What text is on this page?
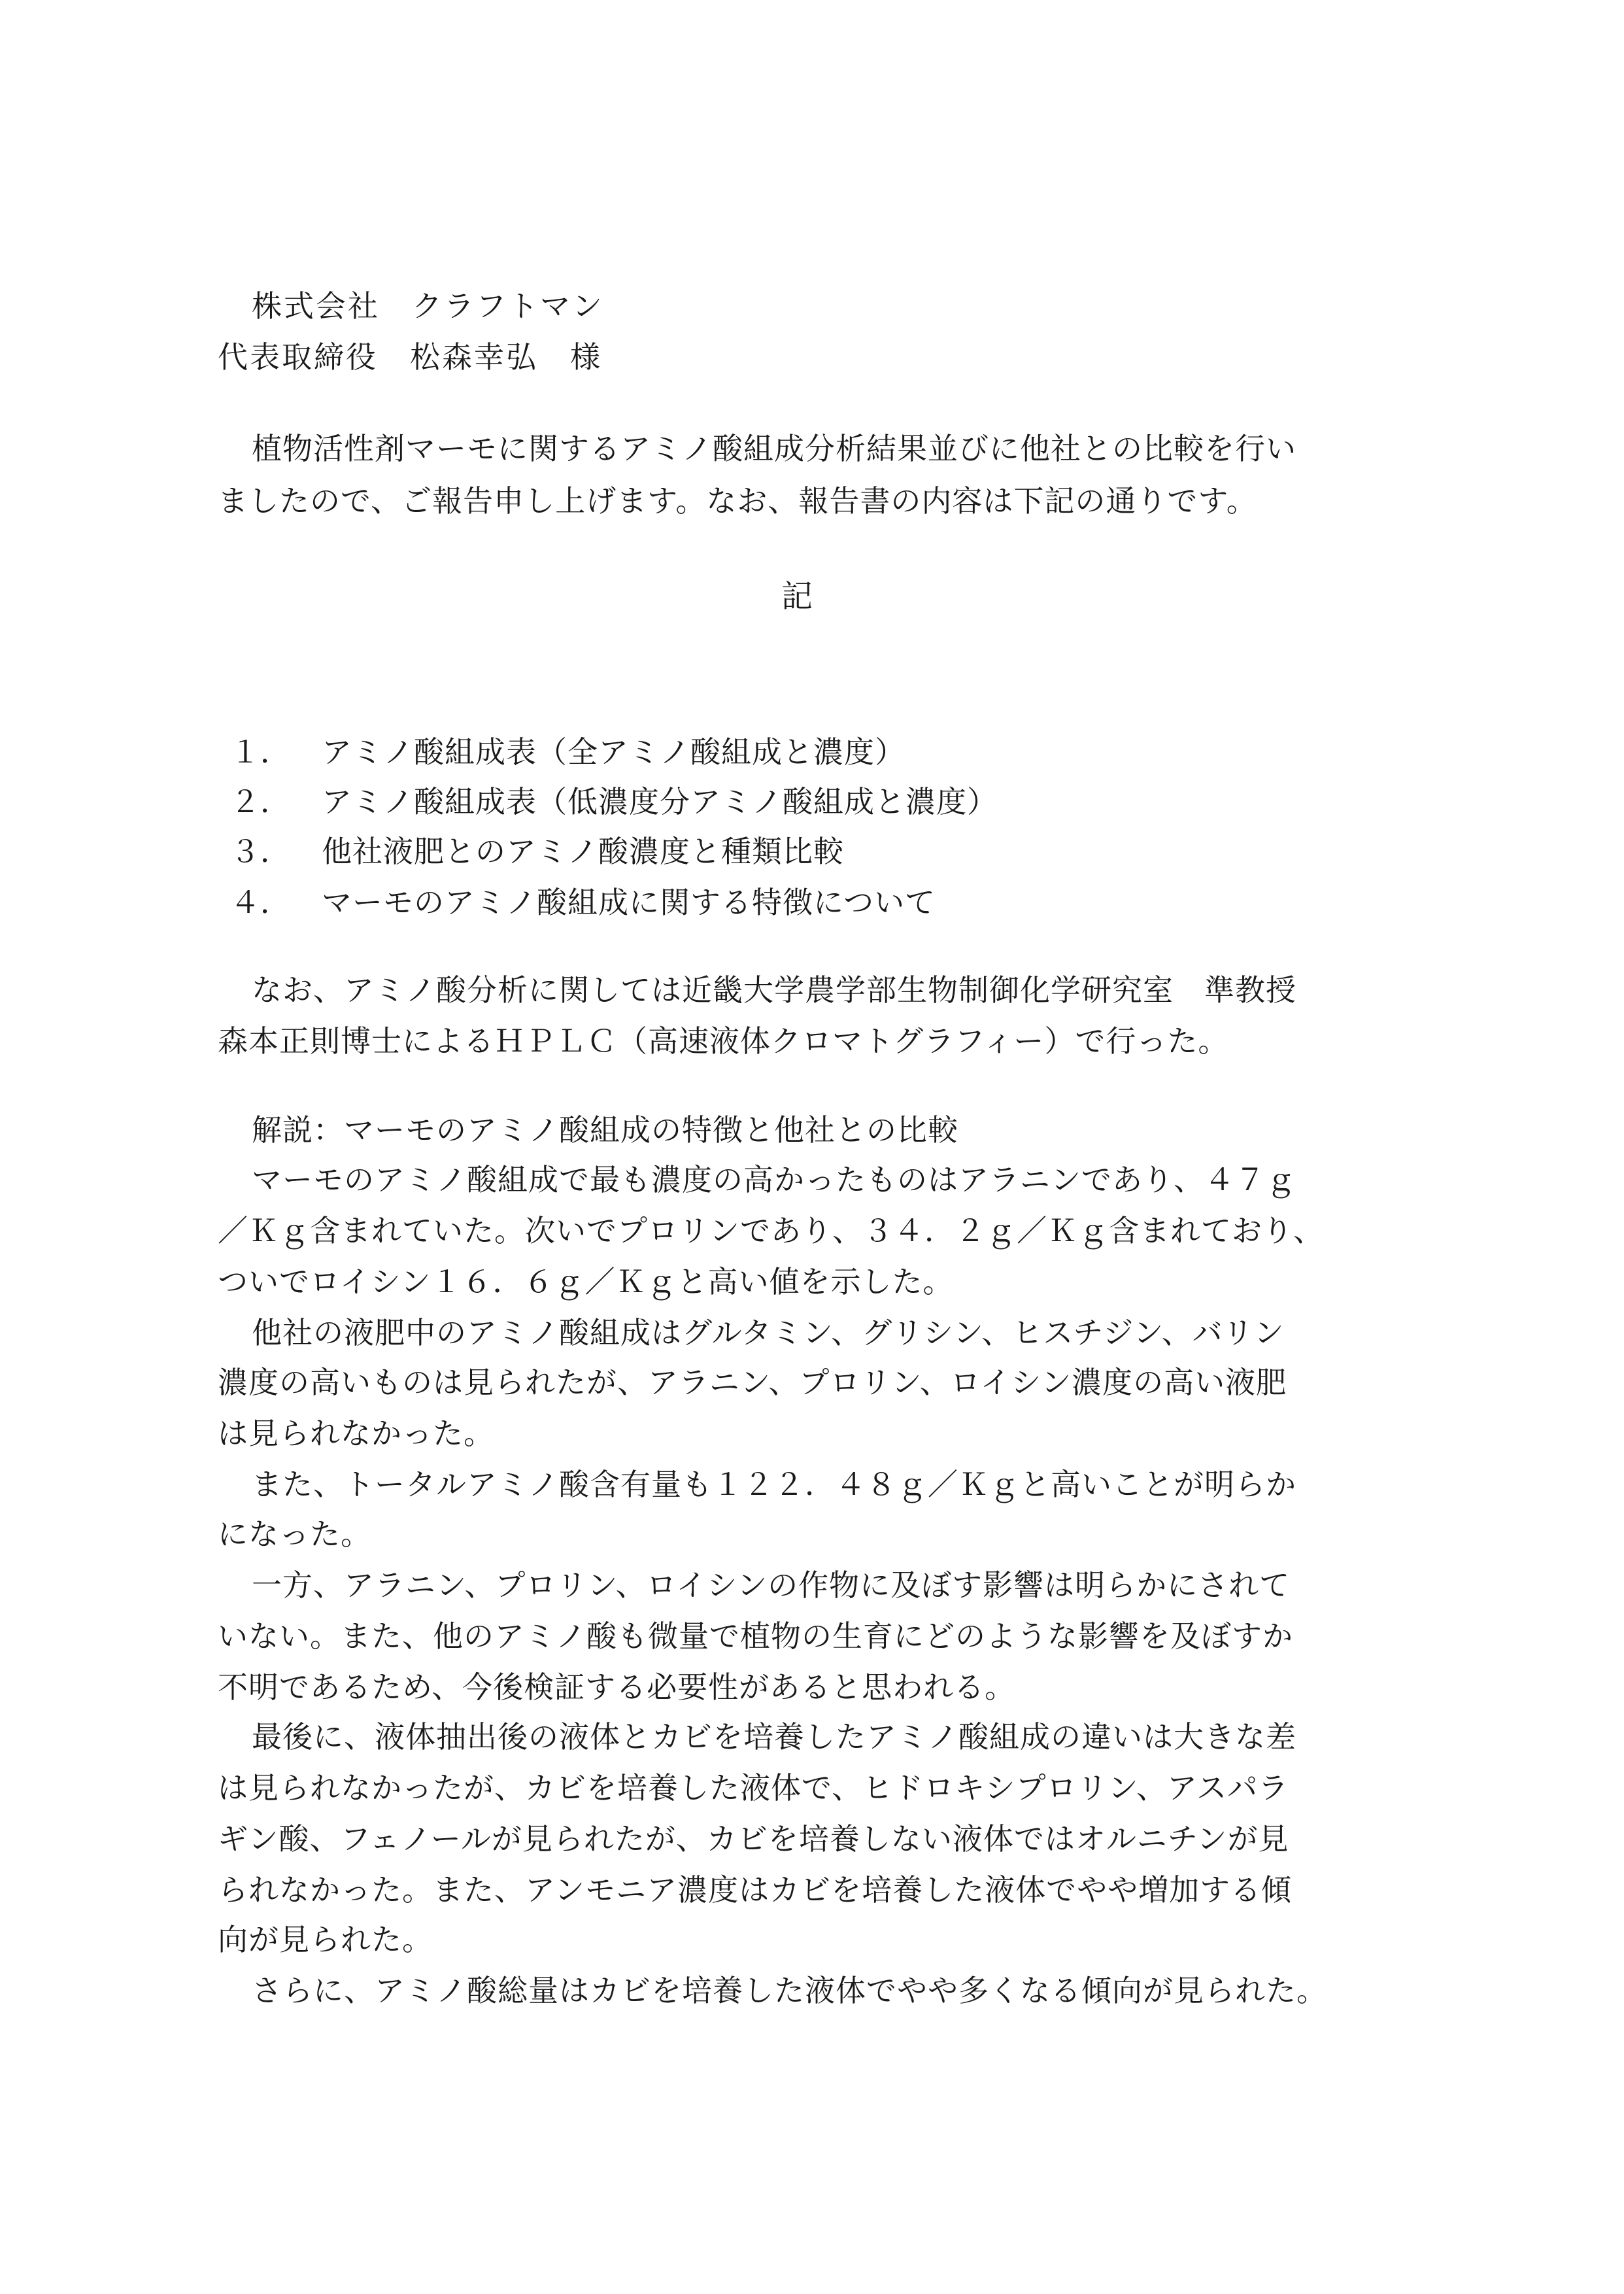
株式会社　クラフトマン
代表取締役　松森幸弘　様
植物活性剤マーモに関するアミノ酸組成分析結果並びに他社との比較を行い
ましたので、ご報告申し上げます。なお、報告書の内容は下記の通りです。
記
１． アミノ酸組成表（全アミノ酸組成と濃度）
２． アミノ酸組成表（低濃度分アミノ酸組成と濃度）
３． 他社液肥とのアミノ酸濃度と種類比較
４． マーモのアミノ酸組成に関する特徴について
なお、アミノ酸分析に関しては近畿大学農学部生物制御化学研究室　準教授
森本正則博士によるＨＰＬＣ（高速液体クロマトグラフィー）で行った。
解説：マーモのアミノ酸組成の特徴と他社との比較
マーモのアミノ酸組成で最も濃度の高かったものはアラニンであり、４７ｇ
／Ｋｇ含まれていた。次いでプロリンであり、３４．２ｇ／Ｋｇ含まれており、
ついでロイシン１６．６ｇ／Ｋｇと高い値を示した。
他社の液肥中のアミノ酸組成はグルタミン、グリシン、ヒスチジン、バリン
濃度の高いものは見られたが、アラニン、プロリン、ロイシン濃度の高い液肥
は見られなかった。
また、トータルアミノ酸含有量も１２２．４８ｇ／Ｋｇと高いことが明らか
になった。
一方、アラニン、プロリン、ロイシンの作物に及ぼす影響は明らかにされて
いない。また、他のアミノ酸も微量で植物の生育にどのような影響を及ぼすか
不明であるため、今後検証する必要性があると思われる。
最後に、液体抽出後の液体とカビを培養したアミノ酸組成の違いは大きな差
は見られなかったが、カビを培養した液体で、ヒドロキシプロリン、アスパラ
ギン酸、フェノールが見られたが、カビを培養しない液体ではオルニチンが見
られなかった。また、アンモニア濃度はカビを培養した液体でやや増加する傾
向が見られた。
さらに、アミノ酸総量はカビを培養した液体でやや多くなる傾向が見られた。
